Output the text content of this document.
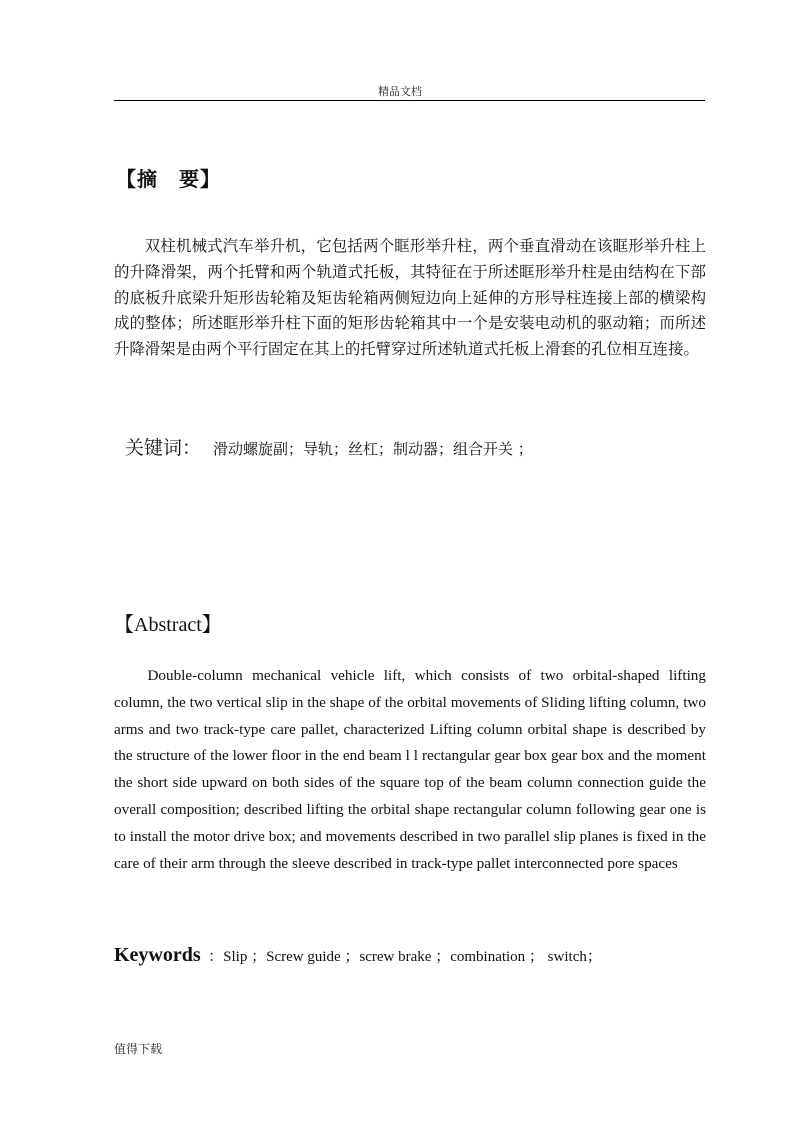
精品文档
【摘　要】

双柱机械式汽车举升机，它包括两个眶形举升柱，两个垂直滑动在该眶形举升柱上的升降滑架，两个托臂和两个轨道式托板，其特征在于所述眶形举升柱是由结构在下部的底板升底梁升矩形齿轮箱及矩齿轮箱两侧短边向上延伸的方形导柱连接上部的横梁构成的整体；所述眶形举升柱下面的矩形齿轮箱其中一个是安装电动机的驱动箱；而所述升降滑架是由两个平行固定在其上的托臂穿过所述轨道式托板上滑套的孔位相互连接。

关键词： 滑动螺旋副；导轨；丝杠；制动器；组合开关 ；
【Abstract】

Double-column mechanical vehicle lift, which consists of two orbital-shaped lifting column, the two vertical slip in the shape of the orbital movements of Sliding lifting column, two arms and two track-type care pallet, characterized Lifting column orbital shape is described by the structure of the lower floor in the end beam l l rectangular gear box gear box and the moment the short side upward on both sides of the square top of the beam column connection guide the overall composition; described lifting the orbital shape rectangular column following gear one is to install the motor drive box; and movements described in two parallel slip planes is fixed in the care of their arm through the sleeve described in track-type pallet interconnected pore spaces

Keywords ：Slip ；Screw guide ；screw brake ；combination ； switch；
值得下载
